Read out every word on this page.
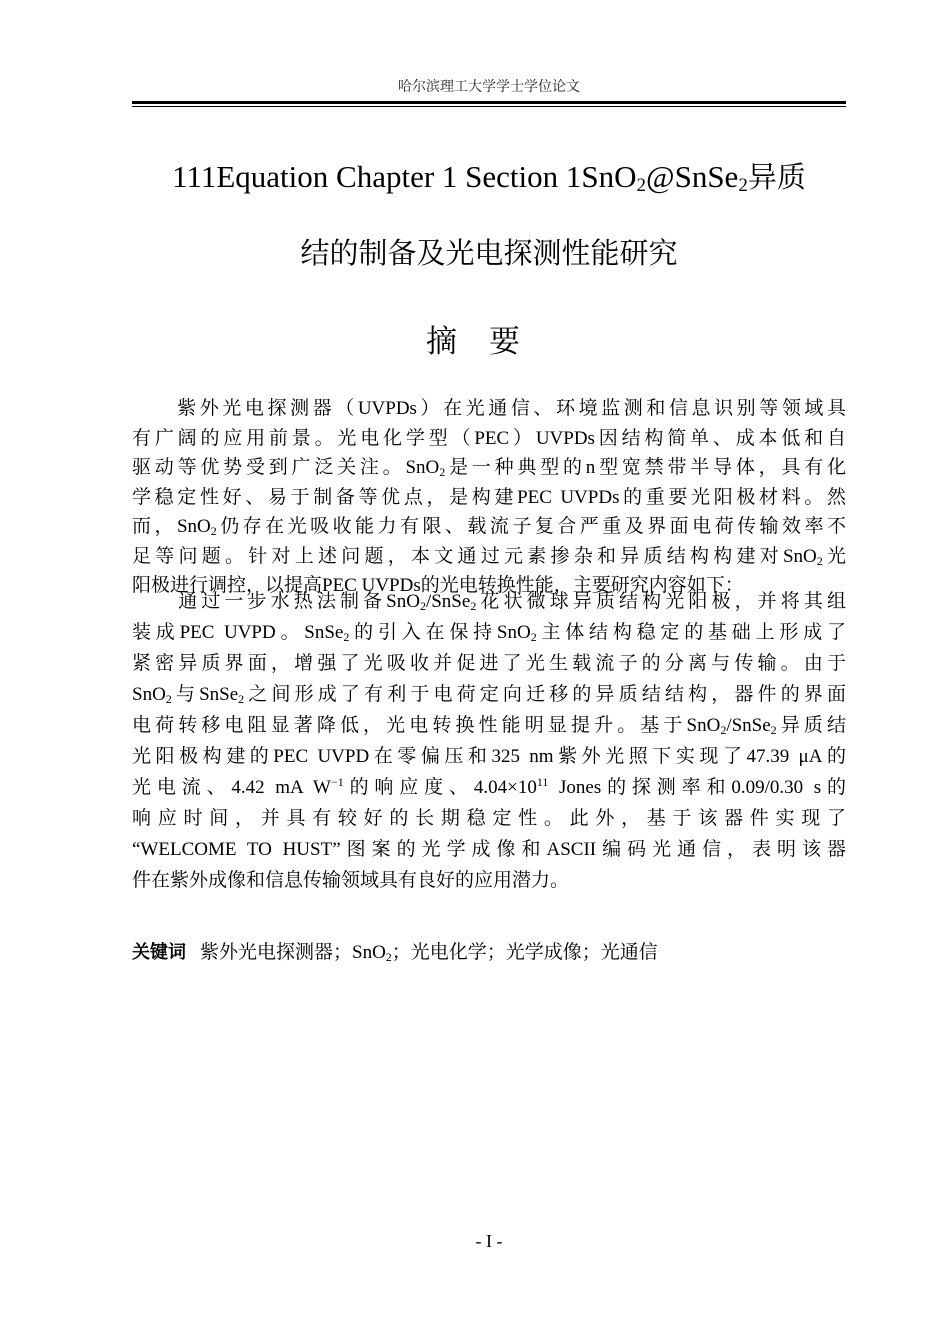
哈尔滨理工大学学士学位论文
111Equation Chapter 1 Section 1SnO$_2$@SnSe$_2$异质
结的制备及光电探测性能研究
摘要
　　紫外光电探测器（UVPDs）在光通信、环境监测和信息识别等领域具
有广阔的应用前景。光电化学型（PEC）UVPDs因结构简单、成本低和自
驱动等优势受到广泛关注。SnO$_2$是一种典型的n型宽禁带半导体，具有化
学稳定性好、易于制备等优点，是构建PEC UVPDs的重要光阳极材料。然
而，SnO$_2$仍存在光吸收能力有限、载流子复合严重及界面电荷传输效率不
足等问题。针对上述问题，本文通过元素掺杂和异质结构构建对SnO$_2$光
阳极进行调控，以提高PEC UVPDs的光电转换性能，主要研究内容如下：
　　通过一步水热法制备SnO$_2$/SnSe$_2$花状微球异质结构光阳极，并将其组
装成PEC UVPD。SnSe$_2$的引入在保持SnO$_2$主体结构稳定的基础上形成了
紧密异质界面，增强了光吸收并促进了光生载流子的分离与传输。由于
SnO$_2$与SnSe$_2$之间形成了有利于电荷定向迁移的异质结结构，器件的界面
电荷转移电阻显著降低，光电转换性能明显提升。基于SnO$_2$/SnSe$_2$异质结
光阳极构建的PEC UVPD在零偏压和325 nm紫外光照下实现了47.39 μA的
光电流、4.42 mA $W^{-1}$的响应度、$4.04\times 10^{11}$ Jones的探测率和0.09/0.30 s的
响应时间，并具有较好的长期稳定性。此外，基于该器件实现了
“WELCOME TO HUST”图案的光学成像和ASCII编码光通信，表明该器
件在紫外成像和信息传输领域具有良好的应用潜力。
关键词 紫外光电探测器；SnO$_2$；光电化学；光学成像；光通信
- I -
